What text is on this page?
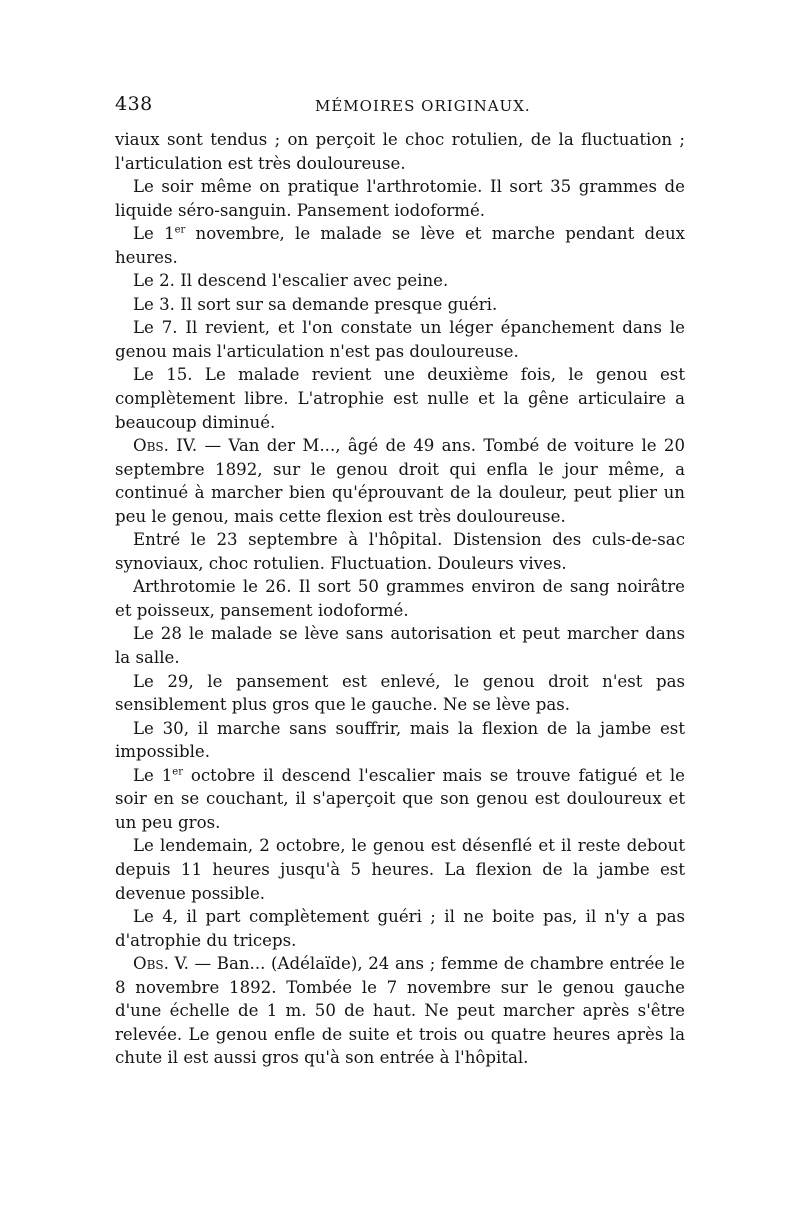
438	MÉMOIRES ORIGINAUX.

viaux sont tendus ; on perçoit le choc rotulien, de la fluctuation ; l'articulation est très douloureuse.

Le soir même on pratique l'arthrotomie. Il sort 35 grammes de liquide séro-sanguin. Pansement iodoformé.

Le 1er novembre, le malade se lève et marche pendant deux heures.

Le 2. Il descend l'escalier avec peine.

Le 3. Il sort sur sa demande presque guéri.

Le 7. Il revient, et l'on constate un léger épanchement dans le genou mais l'articulation n'est pas douloureuse.

Le 15. Le malade revient une deuxième fois, le genou est complètement libre. L'atrophie est nulle et la gêne articulaire a beaucoup diminué.

Obs. IV. — Van der M..., âgé de 49 ans. Tombé de voiture le 20 septembre 1892, sur le genou droit qui enfla le jour même, a continué à marcher bien qu'éprouvant de la douleur, peut plier un peu le genou, mais cette flexion est très douloureuse.

Entré le 23 septembre à l'hôpital. Distension des culs-de-sac synoviaux, choc rotulien. Fluctuation. Douleurs vives.

Arthrotomie le 26. Il sort 50 grammes environ de sang noirâtre et poisseux, pansement iodoformé.

Le 28 le malade se lève sans autorisation et peut marcher dans la salle.

Le 29, le pansement est enlevé, le genou droit n'est pas sensiblement plus gros que le gauche. Ne se lève pas.

Le 30, il marche sans souffrir, mais la flexion de la jambe est impossible.

Le 1er octobre il descend l'escalier mais se trouve fatigué et le soir en se couchant, il s'aperçoit que son genou est douloureux et un peu gros.

Le lendemain, 2 octobre, le genou est désenflé et il reste debout depuis 11 heures jusqu'à 5 heures. La flexion de la jambe est devenue possible.

Le 4, il part complètement guéri ; il ne boite pas, il n'y a pas d'atrophie du triceps.

Obs. V. — Ban... (Adélaïde), 24 ans ; femme de chambre entrée le 8 novembre 1892. Tombée le 7 novembre sur le genou gauche d'une échelle de 1 m. 50 de haut. Ne peut marcher après s'être relevée. Le genou enfle de suite et trois ou quatre heures après la chute il est aussi gros qu'à son entrée à l'hôpital.
